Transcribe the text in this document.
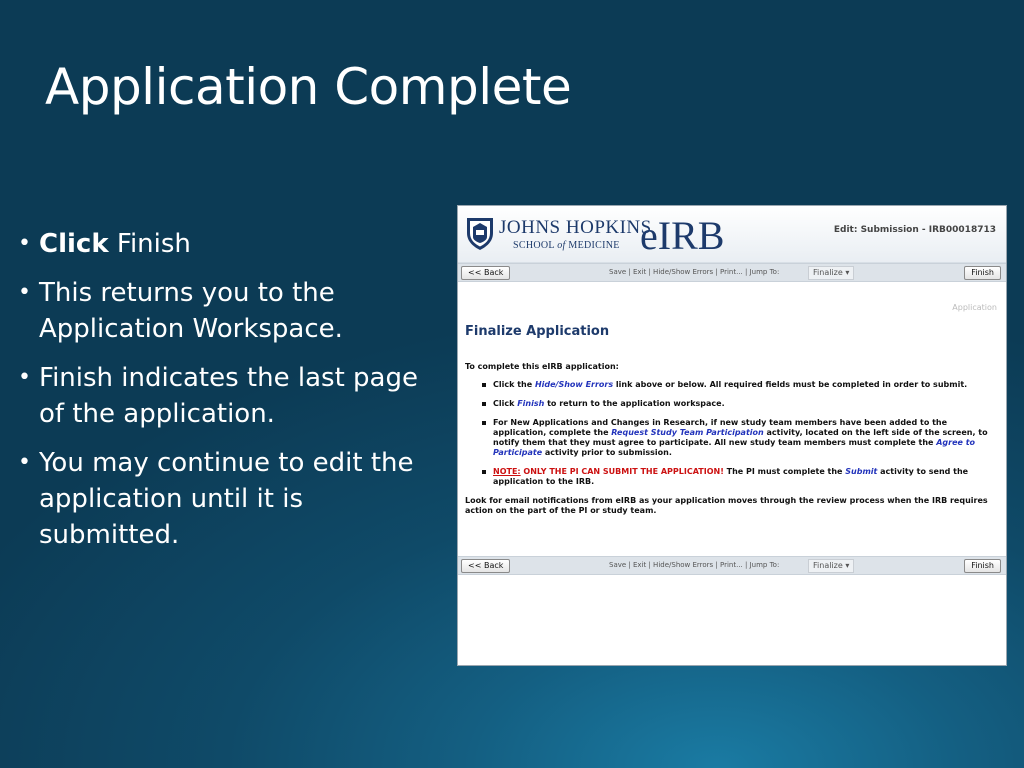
Application Complete
• Click Finish
• This returns you to the Application Workspace.
• Finish indicates the last page of the application.
• You may continue to edit the application until it is submitted.
JOHNS HOPKINS
SCHOOL of MEDICINE eIRB	Edit: Submission - IRB00018713
<< Back	Save | Exit | Hide/Show Errors | Print... | Jump To:	Finalize ▾	Finish
Application
Finalize Application
To complete this eIRB application:
Click the Hide/Show Errors link above or below. All required fields must be completed in order to submit.
Click Finish to return to the application workspace.
For New Applications and Changes in Research, if new study team members have been added to the application, complete the Request Study Team Participation activity, located on the left side of the screen, to notify them that they must agree to participate. All new study team members must complete the Agree to Participate activity prior to submission.
NOTE: ONLY THE PI CAN SUBMIT THE APPLICATION! The PI must complete the Submit activity to send the application to the IRB.
Look for email notifications from eIRB as your application moves through the review process when the IRB requires action on the part of the PI or study team.
<< Back	Save | Exit | Hide/Show Errors | Print... | Jump To:	Finalize ▾	Finish
